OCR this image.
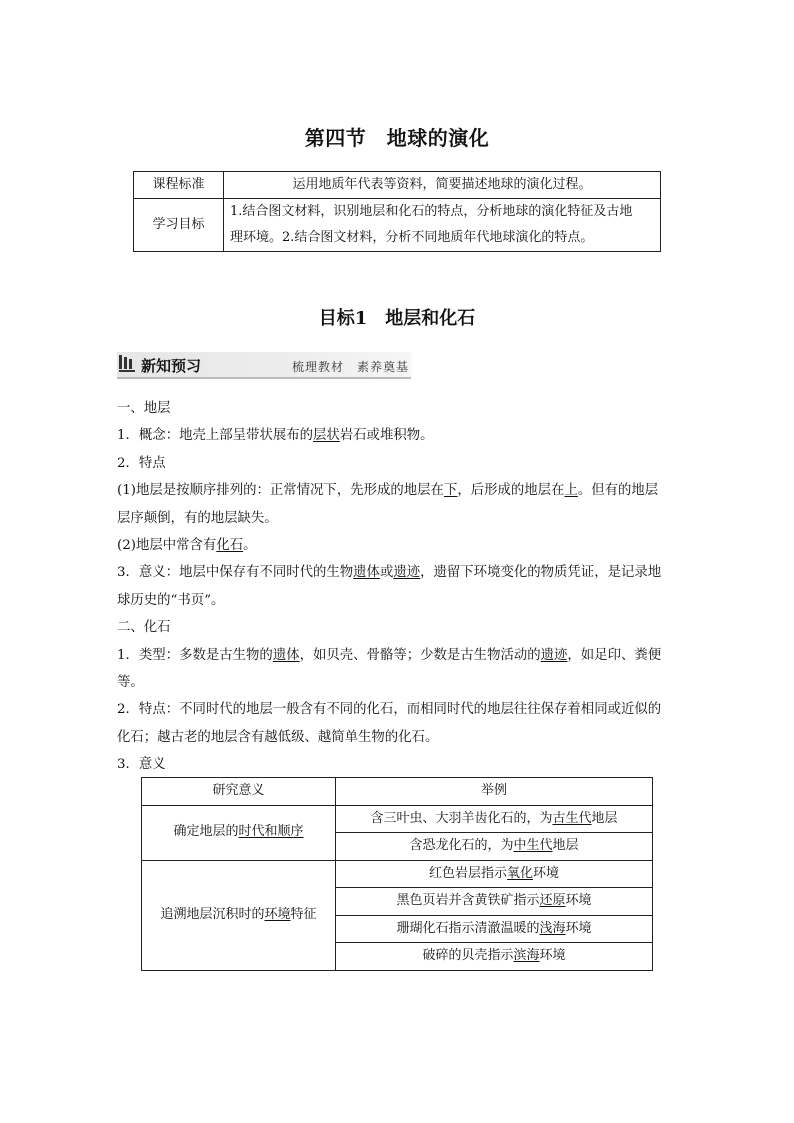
第四节　地球的演化
课程标准	运用地质年代表等资料，简要描述地球的演化过程。
学习目标	1.结合图文材料，识别地层和化石的特点，分析地球的演化特征及古地
理环境。2.结合图文材料，分析不同地质年代地球演化的特点。
目标1　地层和化石
新知预习	梳理教材　素养奠基

一、地层

1．概念：地壳上部呈带状展布的层状岩石或堆积物。

2．特点

(1)地层是按顺序排列的：正常情况下，先形成的地层在下，后形成的地层在上。但有的地层

层序颠倒，有的地层缺失。

(2)地层中常含有化石。

3．意义：地层中保存有不同时代的生物遗体或遗迹，遗留下环境变化的物质凭证，是记录地

球历史的“书页”。

二、化石

1．类型：多数是古生物的遗体，如贝壳、骨骼等；少数是古生物活动的遗迹，如足印、粪便

等。

2．特点：不同时代的地层一般含有不同的化石，而相同时代的地层往往保存着相同或近似的

化石；越古老的地层含有越低级、越简单生物的化石。

3．意义

研究意义	举例
确定地层的时代和顺序	含三叶虫、大羽羊齿化石的，为古生代地层
	含恐龙化石的，为中生代地层
追溯地层沉积时的环境特征	红色岩层指示氧化环境
	黑色页岩并含黄铁矿指示还原环境
	珊瑚化石指示清澈温暖的浅海环境
	破碎的贝壳指示滨海环境
